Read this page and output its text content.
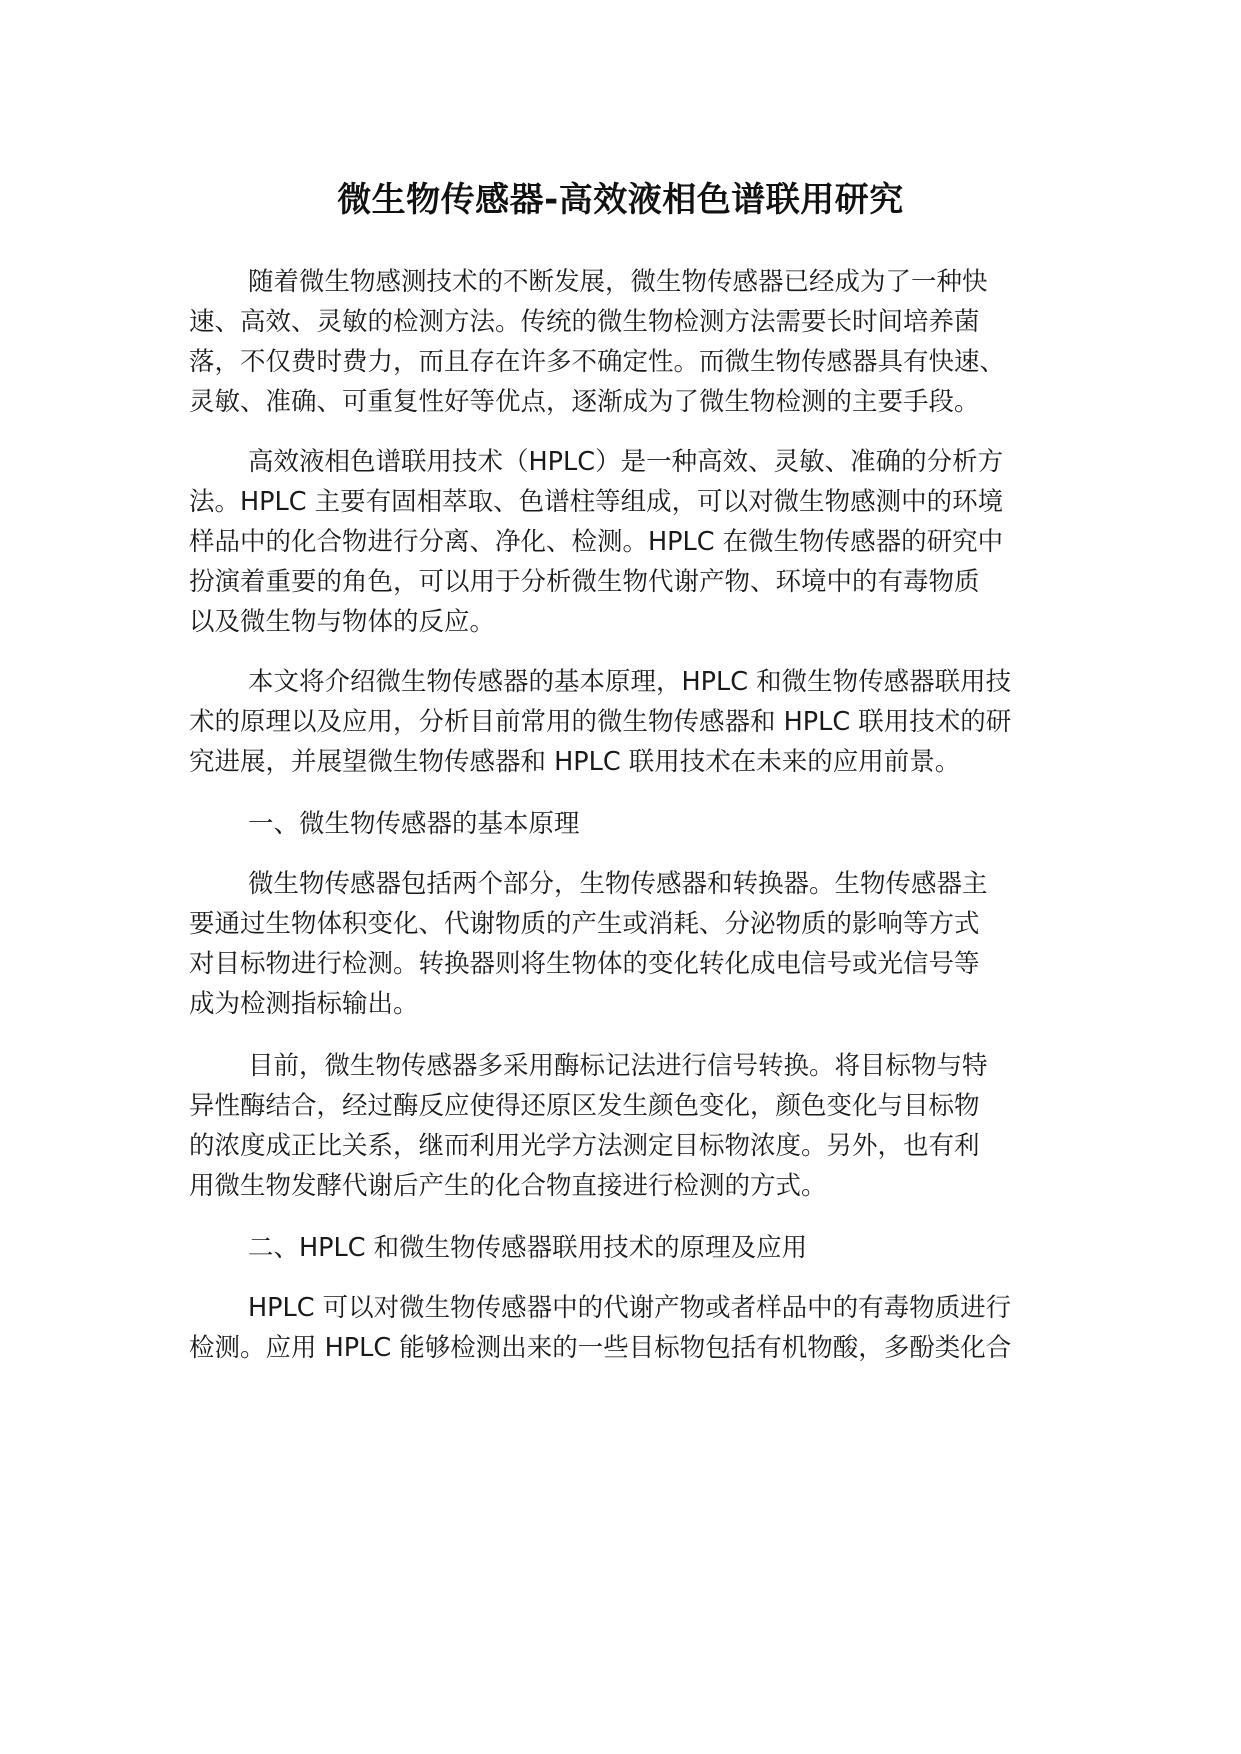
微生物传感器-高效液相色谱联用研究
随着微生物感测技术的不断发展，微生物传感器已经成为了一种快
速、高效、灵敏的检测方法。传统的微生物检测方法需要长时间培养菌
落，不仅费时费力，而且存在许多不确定性。而微生物传感器具有快速、
灵敏、准确、可重复性好等优点，逐渐成为了微生物检测的主要手段。
高效液相色谱联用技术（HPLC）是一种高效、灵敏、准确的分析方
法。HPLC 主要有固相萃取、色谱柱等组成，可以对微生物感测中的环境
样品中的化合物进行分离、净化、检测。HPLC 在微生物传感器的研究中
扮演着重要的角色，可以用于分析微生物代谢产物、环境中的有毒物质
以及微生物与物体的反应。
本文将介绍微生物传感器的基本原理，HPLC 和微生物传感器联用技
术的原理以及应用，分析目前常用的微生物传感器和 HPLC 联用技术的研
究进展，并展望微生物传感器和 HPLC 联用技术在未来的应用前景。
一、微生物传感器的基本原理
微生物传感器包括两个部分，生物传感器和转换器。生物传感器主
要通过生物体积变化、代谢物质的产生或消耗、分泌物质的影响等方式
对目标物进行检测。转换器则将生物体的变化转化成电信号或光信号等
成为检测指标输出。
目前，微生物传感器多采用酶标记法进行信号转换。将目标物与特
异性酶结合，经过酶反应使得还原区发生颜色变化，颜色变化与目标物
的浓度成正比关系，继而利用光学方法测定目标物浓度。另外，也有利
用微生物发酵代谢后产生的化合物直接进行检测的方式。
二、HPLC 和微生物传感器联用技术的原理及应用
HPLC 可以对微生物传感器中的代谢产物或者样品中的有毒物质进行
检测。应用 HPLC 能够检测出来的一些目标物包括有机物酸，多酚类化合
